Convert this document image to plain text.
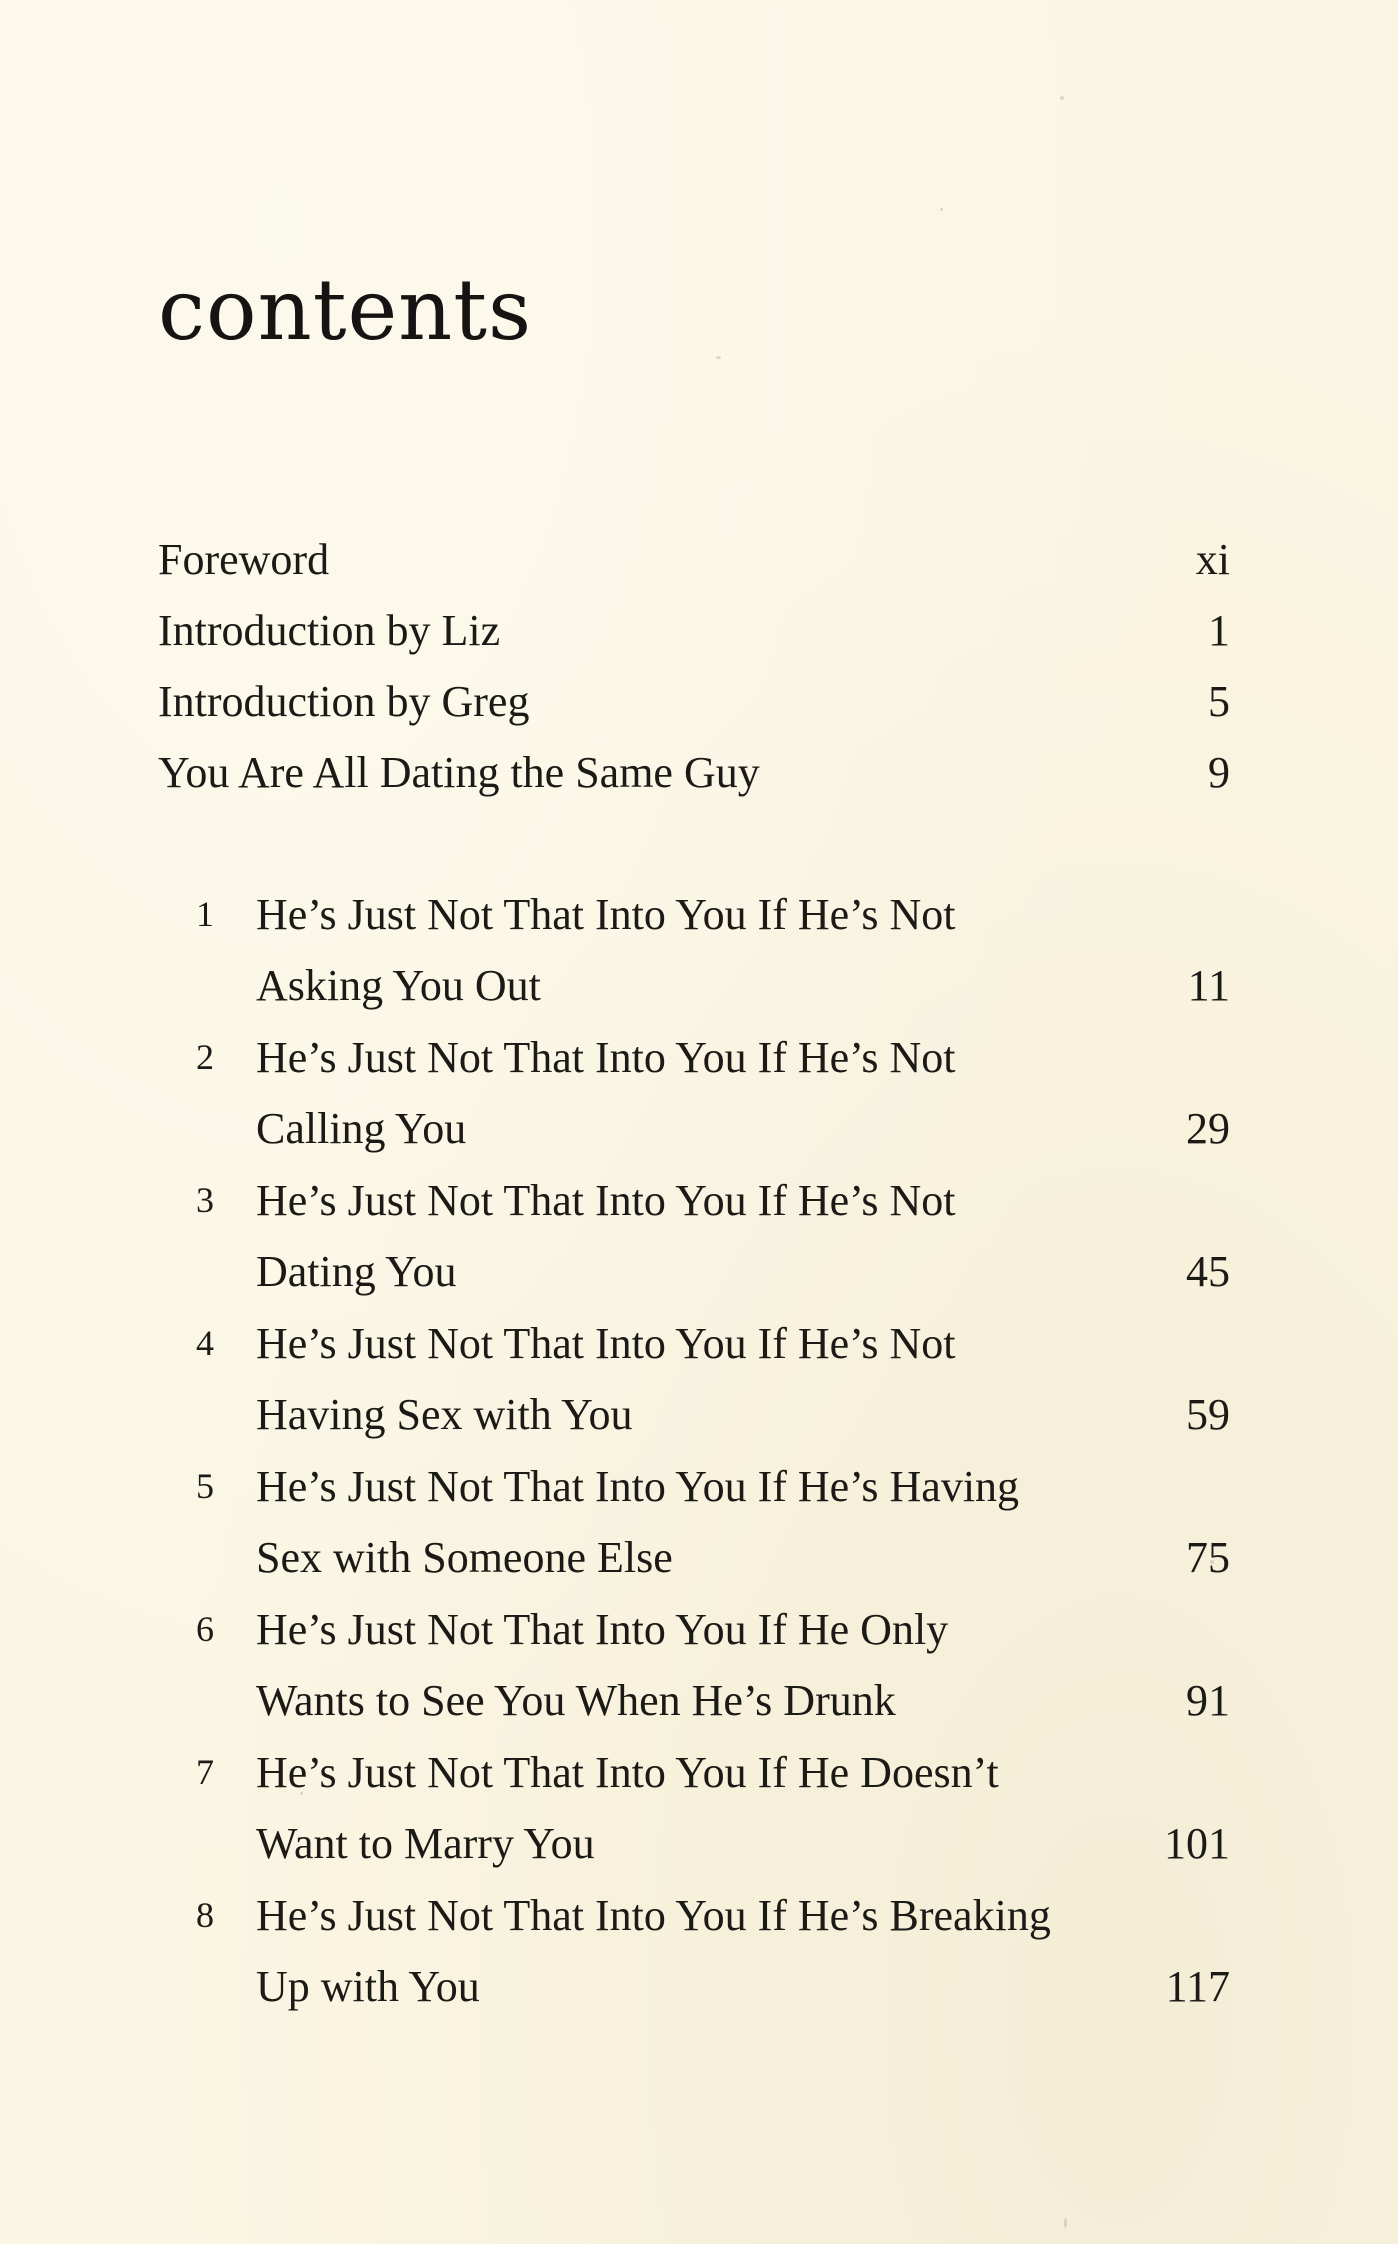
contents
Foreword	xi
Introduction by Liz	1
Introduction by Greg	5
You Are All Dating the Same Guy	9
1 He’s Just Not That Into You If He’s Not
Asking You Out	11
2 He’s Just Not That Into You If He’s Not
Calling You	29
3 He’s Just Not That Into You If He’s Not
Dating You	45
4 He’s Just Not That Into You If He’s Not
Having Sex with You	59
5 He’s Just Not That Into You If He’s Having
Sex with Someone Else	75
6 He’s Just Not That Into You If He Only
Wants to See You When He’s Drunk	91
7 He’s Just Not That Into You If He Doesn’t
Want to Marry You	101
8 He’s Just Not That Into You If He’s Breaking
Up with You	117
